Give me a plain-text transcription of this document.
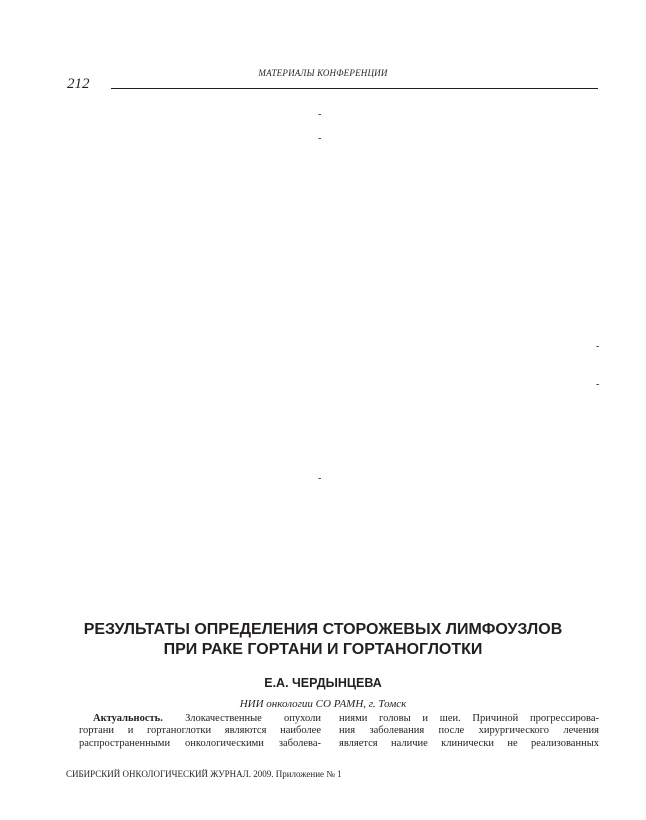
МАТЕРИАЛЫ КОНФЕРЕНЦИИ
212
-
-
-
-
-
РЕЗУЛЬТАТЫ ОПРЕДЕЛЕНИЯ СТОРОЖЕВЫХ ЛИМФОУЗЛОВ
ПРИ РАКЕ ГОРТАНИ И ГОРТАНОГЛОТКИ
Е.А. ЧЕРДЫНЦЕВА
НИИ онкологии СО РАМН, г. Томск
Актуальность. Злокачественные опухоли
гортани и гортаноглотки являются наиболее
распространенными онкологическими заболева-
ниями головы и шеи. Причиной прогрессирова-
ния заболевания после хирургического лечения
является наличие клинически не реализованных
СИБИРСКИЙ ОНКОЛОГИЧЕСКИЙ ЖУРНАЛ. 2009. Приложение № 1
